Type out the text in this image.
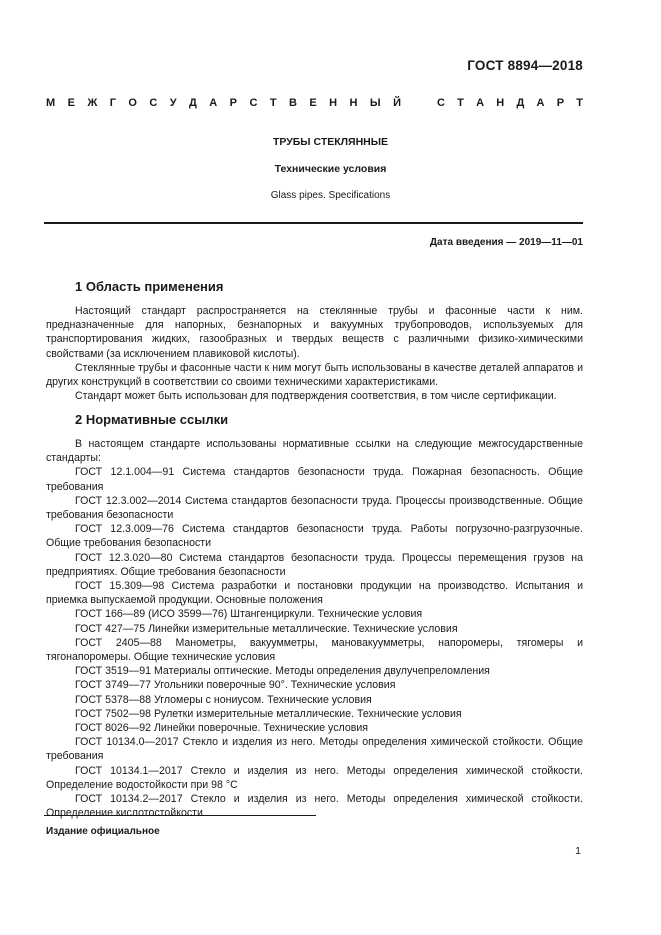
ГОСТ 8894—2018
М Е Ж Г О С У Д А Р С Т В Е Н Н Ы Й	С Т А Н Д А Р Т
ТРУБЫ СТЕКЛЯННЫЕ
Технические условия
Glass pipes. Specifications
Дата введения — 2019—11—01
1 Область применения

Настоящий стандарт распространяется на стеклянные трубы и фасонные части к ним. предназначенные для напорных, безнапорных и вакуумных трубопроводов, используемых для транспортирования жидких, газообразных и твердых веществ с различными физико-химическими свойствами (за исключением плавиковой кислоты).

Стеклянные трубы и фасонные части к ним могут быть использованы в качестве деталей аппаратов и других конструкций в соответствии со своими техническими характеристиками.

Стандарт может быть использован для подтверждения соответствия, в том числе сертификации.

2 Нормативные ссылки

В настоящем стандарте использованы нормативные ссылки на следующие межгосударственные стандарты:

ГОСТ 12.1.004—91 Система стандартов безопасности труда. Пожарная безопасность. Общие требования

ГОСТ 12.3.002—2014 Система стандартов безопасности труда. Процессы производственные. Общие требования безопасности

ГОСТ 12.3.009—76 Система стандартов безопасности труда. Работы погрузочно-разгрузочные. Общие требования безопасности

ГОСТ 12.3.020—80 Система стандартов безопасности труда. Процессы перемещения грузов на предприятиях. Общие требования безопасности

ГОСТ 15.309—98 Система разработки и постановки продукции на производство. Испытания и приемка выпускаемой продукции. Основные положения

ГОСТ 166—89 (ИСО 3599—76) Штангенциркули. Технические условия

ГОСТ 427—75 Линейки измерительные металлические. Технические условия

ГОСТ 2405—88 Манометры, вакуумметры, мановакуумметры, напоромеры, тягомеры и тягонапоромеры. Общие технические условия

ГОСТ 3519—91 Материалы оптические. Методы определения двулучепреломления

ГОСТ 3749—77 Угольники поверочные 90°. Технические условия

ГОСТ 5378—88 Угломеры с нониусом. Технические условия

ГОСТ 7502—98 Рулетки измерительные металлические. Технические условия

ГОСТ 8026—92 Линейки поверочные. Технические условия

ГОСТ 10134.0—2017 Стекло и изделия из него. Методы определения химической стойкости. Общие требования

ГОСТ 10134.1—2017 Стекло и изделия из него. Методы определения химической стойкости. Определение водостойкости при 98 °С

ГОСТ 10134.2—2017 Стекло и изделия из него. Методы определения химической стойкости. Определение кислотостойкости

Издание официальное
1
